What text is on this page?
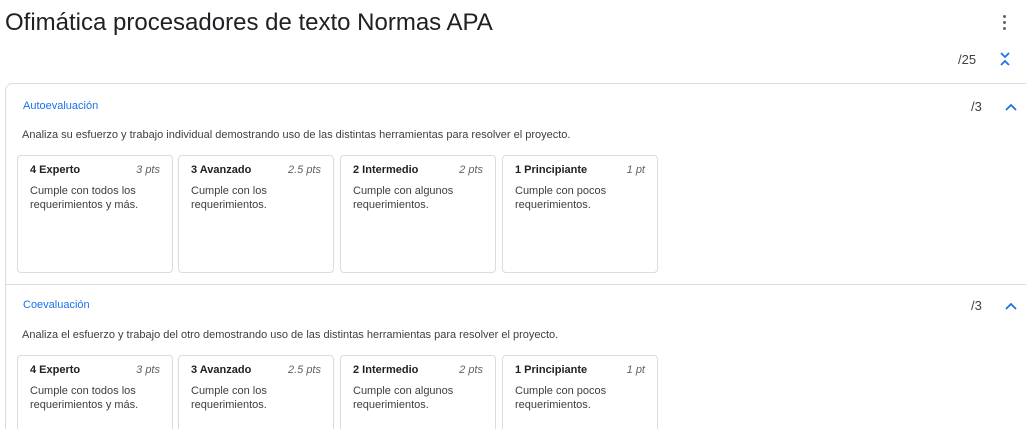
Ofimática procesadores de texto Normas APA
/25
Autoevaluación	/3
Analiza su esfuerzo y trabajo individual demostrando uso de las distintas herramientas para resolver el proyecto.
4 Experto	3 pts
Cumple con todos los requerimientos y más.
3 Avanzado	2.5 pts
Cumple con los requerimientos.
2 Intermedio	2 pts
Cumple con algunos requerimientos.
1 Principiante	1 pt
Cumple con pocos requerimientos.
Coevaluación	/3
Analiza el esfuerzo y trabajo del otro demostrando uso de las distintas herramientas para resolver el proyecto.
4 Experto	3 pts
Cumple con todos los requerimientos y más.
3 Avanzado	2.5 pts
Cumple con los requerimientos.
2 Intermedio	2 pts
Cumple con algunos requerimientos.
1 Principiante	1 pt
Cumple con pocos requerimientos.
